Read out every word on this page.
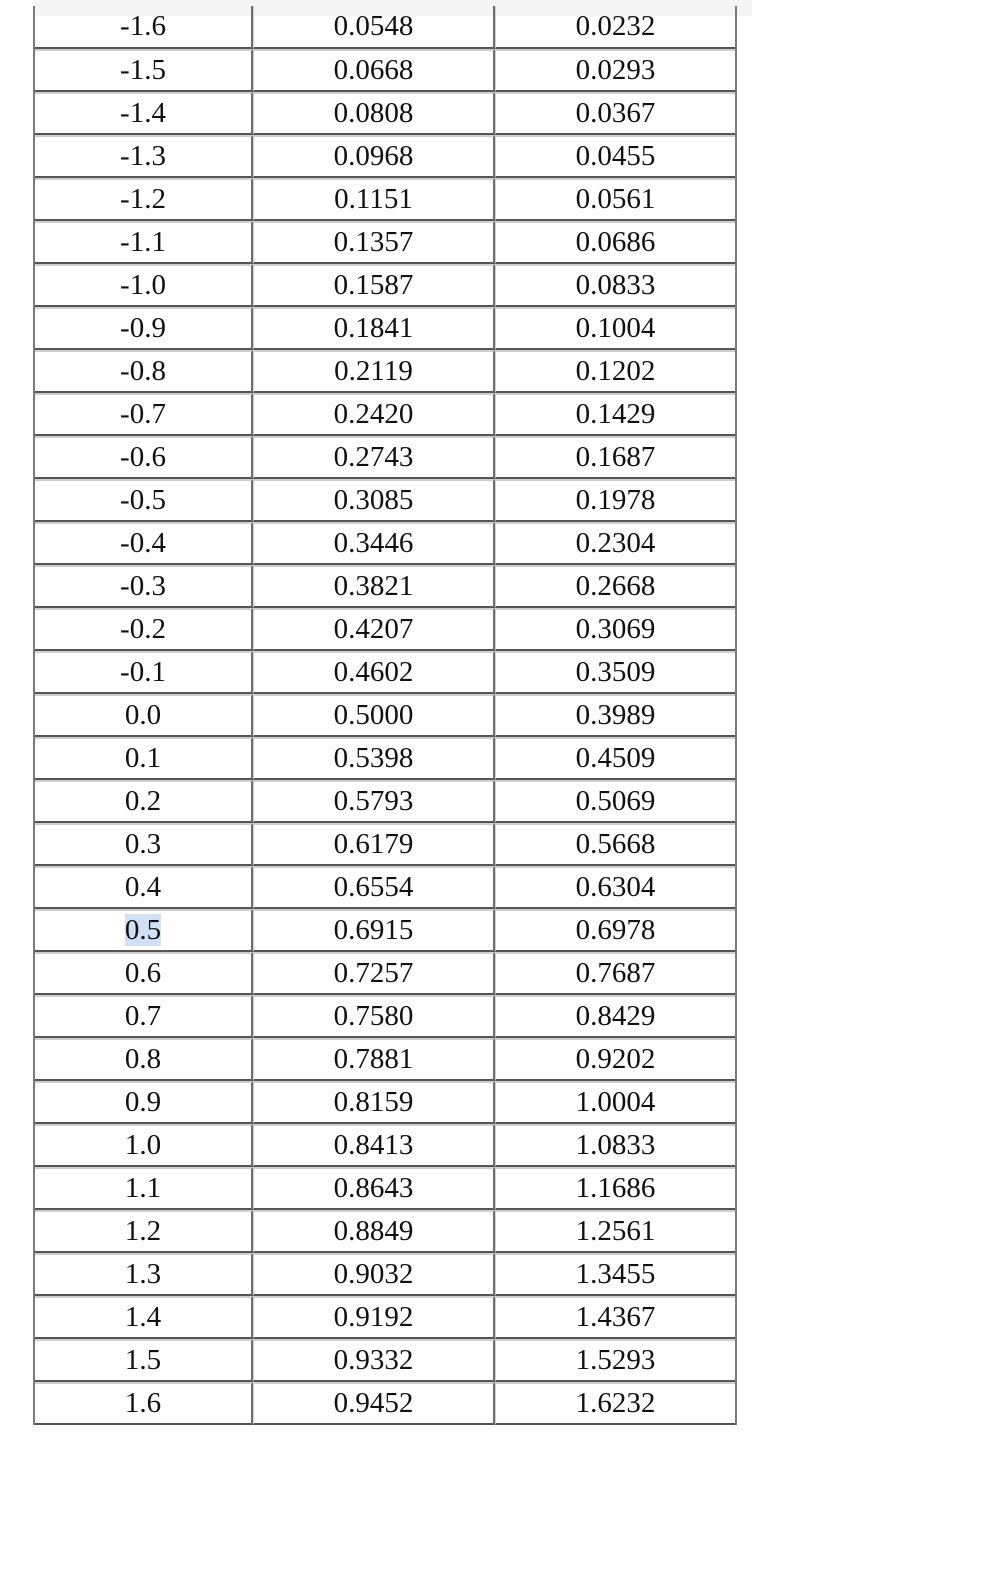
-1.6	0.0548	0.0232
-1.5	0.0668	0.0293
-1.4	0.0808	0.0367
-1.3	0.0968	0.0455
-1.2	0.1151	0.0561
-1.1	0.1357	0.0686
-1.0	0.1587	0.0833
-0.9	0.1841	0.1004
-0.8	0.2119	0.1202
-0.7	0.2420	0.1429
-0.6	0.2743	0.1687
-0.5	0.3085	0.1978
-0.4	0.3446	0.2304
-0.3	0.3821	0.2668
-0.2	0.4207	0.3069
-0.1	0.4602	0.3509
0.0	0.5000	0.3989
0.1	0.5398	0.4509
0.2	0.5793	0.5069
0.3	0.6179	0.5668
0.4	0.6554	0.6304
0.5	0.6915	0.6978
0.6	0.7257	0.7687
0.7	0.7580	0.8429
0.8	0.7881	0.9202
0.9	0.8159	1.0004
1.0	0.8413	1.0833
1.1	0.8643	1.1686
1.2	0.8849	1.2561
1.3	0.9032	1.3455
1.4	0.9192	1.4367
1.5	0.9332	1.5293
1.6	0.9452	1.6232
